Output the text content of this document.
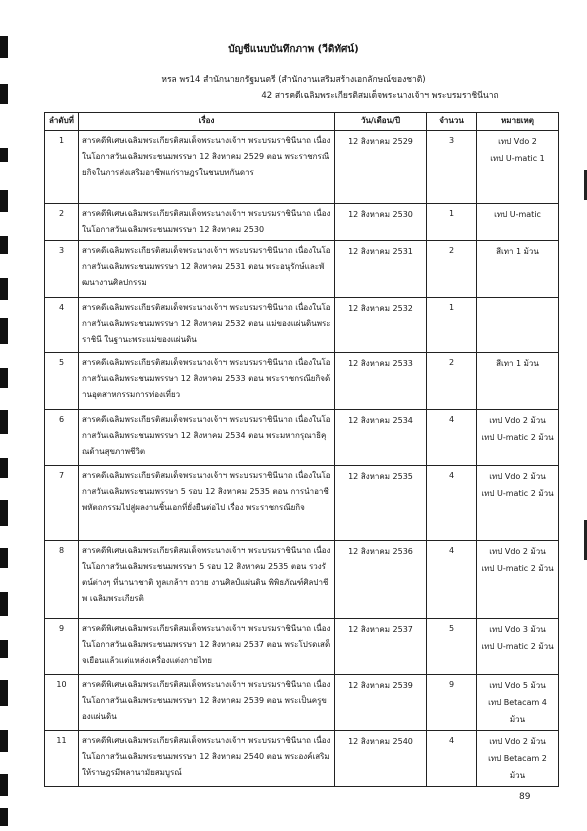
บัญชีแนบบันทึกภาพ (วีดิทัศน์)
หรล พร14 สำนักนายกรัฐมนตรี (สำนักงานเสริมสร้างเอกลักษณ์ของชาติ)
42 สารคดีเฉลิมพระเกียรติสมเด็จพระนางเจ้าฯ พระบรมราชินีนาถ
ลำดับที่	เรื่อง	วัน/เดือน/ปี	จำนวน	หมายเหตุ
1	สารคดีพิเศษเฉลิมพระเกียรติสมเด็จพระนางเจ้าฯ พระบรมราชินีนาถ เนื่องในโอกาสวันเฉลิมพระชนมพรรษา 12 สิงหาคม 2529 ตอน พระราชกรณียกิจในการส่งเสริมอาชีพแก่ราษฎรในชนบทกันดาร	12 สิงหาคม 2529	3	เทป Vdo 2
เทป U-matic 1

2	สารคดีพิเศษเฉลิมพระเกียรติสมเด็จพระนางเจ้าฯ พระบรมราชินีนาถ เนื่องในโอกาสวันเฉลิมพระชนมพรรษา 12 สิงหาคม 2530	12 สิงหาคม 2530	1	เทป U-matic

3	สารคดีเฉลิมพระเกียรติสมเด็จพระนางเจ้าฯ พระบรมราชินีนาถ เนื่องในโอกาสวันเฉลิมพระชนมพรรษา 12 สิงหาคม 2531 ตอน พระอนุรักษ์และพัฒนางานศิลปกรรม	12 สิงหาคม 2531	2	สีเทา 1 ม้วน

4	สารคดีเฉลิมพระเกียรติสมเด็จพระนางเจ้าฯ พระบรมราชินีนาถ เนื่องในโอกาสวันเฉลิมพระชนมพรรษา 12 สิงหาคม 2532 ตอน แม่ของแผ่นดินพระราชินี ในฐานะพระแม่ของแผ่นดิน	12 สิงหาคม 2532	1	

5	สารคดีเฉลิมพระเกียรติสมเด็จพระนางเจ้าฯ พระบรมราชินีนาถ เนื่องในโอกาสวันเฉลิมพระชนมพรรษา 12 สิงหาคม 2533 ตอน พระราชกรณียกิจด้านอุตสาหกรรมการท่องเที่ยว	12 สิงหาคม 2533	2	สีเทา 1 ม้วน

6	สารคดีเฉลิมพระเกียรติสมเด็จพระนางเจ้าฯ พระบรมราชินีนาถ เนื่องในโอกาสวันเฉลิมพระชนมพรรษา 12 สิงหาคม 2534 ตอน พระมหากรุณาธิคุณด้านสุขภาพชีวิต	12 สิงหาคม 2534	4	เทป Vdo 2 ม้วน
เทป U-matic 2 ม้วน

7	สารคดีเฉลิมพระเกียรติสมเด็จพระนางเจ้าฯ พระบรมราชินีนาถ เนื่องในโอกาสวันเฉลิมพระชนมพรรษา 5 รอบ 12 สิงหาคม 2535 ตอน การนำอาชีพหัตถกรรมไปสู่ผลงานชิ้นเอกที่ยั่งยืนต่อไป เรื่อง พระราชกรณียกิจ	12 สิงหาคม 2535	4	เทป Vdo 2 ม้วน
เทป U-matic 2 ม้วน

8	สารคดีพิเศษเฉลิมพระเกียรติสมเด็จพระนางเจ้าฯ พระบรมราชินีนาถ เนื่องในโอกาสวันเฉลิมพระชนมพรรษา 5 รอบ 12 สิงหาคม 2535 ตอน รวงรัตน์ต่างๆ ที่นานาชาติ ทูลเกล้าฯ ถวาย งานศิลป์แผ่นดิน พิพิธภัณฑ์ศิลปาชีพ เฉลิมพระเกียรติ	12 สิงหาคม 2536	4	เทป Vdo 2 ม้วน
เทป U-matic 2 ม้วน

9	สารคดีพิเศษเฉลิมพระเกียรติสมเด็จพระนางเจ้าฯ พระบรมราชินีนาถ เนื่องในโอกาสวันเฉลิมพระชนมพรรษา 12 สิงหาคม 2537 ตอน พระโปรดเสด็จเยือนแล้วแต่แหล่งเครื่องแต่งกายไทย	12 สิงหาคม 2537	5	เทป Vdo 3 ม้วน
เทป U-matic 2 ม้วน

10	สารคดีพิเศษเฉลิมพระเกียรติสมเด็จพระนางเจ้าฯ พระบรมราชินีนาถ เนื่องในโอกาสวันเฉลิมพระชนมพรรษา 12 สิงหาคม 2539 ตอน พระเป็นครูของแผ่นดิน	12 สิงหาคม 2539	9	เทป Vdo 5 ม้วน
เทป Betacam 4 ม้วน

11	สารคดีพิเศษเฉลิมพระเกียรติสมเด็จพระนางเจ้าฯ พระบรมราชินีนาถ เนื่องในโอกาสวันเฉลิมพระชนมพรรษา 12 สิงหาคม 2540 ตอน พระองค์เสริมให้ราษฎรมีพลานามัยสมบูรณ์	12 สิงหาคม 2540	4	เทป Vdo 2 ม้วน
เทป Betacam 2 ม้วน
89
